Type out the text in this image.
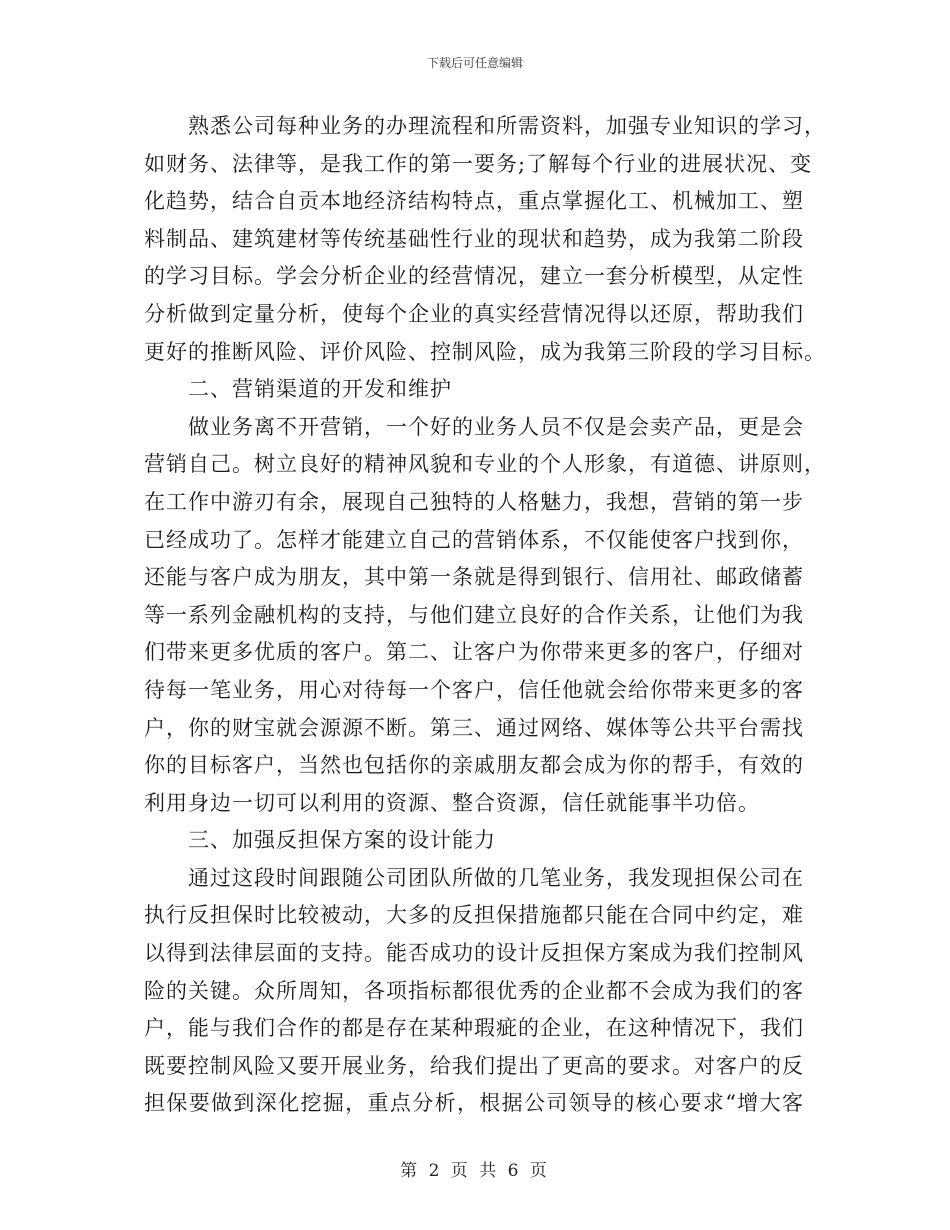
下载后可任意编辑
熟悉公司每种业务的办理流程和所需资料，加强专业知识的学习，
如财务、法律等，是我工作的第一要务;了解每个行业的进展状况、变
化趋势，结合自贡本地经济结构特点，重点掌握化工、机械加工、塑
料制品、建筑建材等传统基础性行业的现状和趋势，成为我第二阶段
的学习目标。学会分析企业的经营情况，建立一套分析模型，从定性
分析做到定量分析，使每个企业的真实经营情况得以还原，帮助我们
更好的推断风险、评价风险、控制风险，成为我第三阶段的学习目标。
二、营销渠道的开发和维护
做业务离不开营销，一个好的业务人员不仅是会卖产品，更是会
营销自己。树立良好的精神风貌和专业的个人形象，有道德、讲原则，
在工作中游刃有余，展现自己独特的人格魅力，我想，营销的第一步
已经成功了。怎样才能建立自己的营销体系，不仅能使客户找到你，
还能与客户成为朋友，其中第一条就是得到银行、信用社、邮政储蓄
等一系列金融机构的支持，与他们建立良好的合作关系，让他们为我
们带来更多优质的客户。第二、让客户为你带来更多的客户，仔细对
待每一笔业务，用心对待每一个客户，信任他就会给你带来更多的客
户，你的财宝就会源源不断。第三、通过网络、媒体等公共平台需找
你的目标客户，当然也包括你的亲戚朋友都会成为你的帮手，有效的
利用身边一切可以利用的资源、整合资源，信任就能事半功倍。
三、加强反担保方案的设计能力
通过这段时间跟随公司团队所做的几笔业务，我发现担保公司在
执行反担保时比较被动，大多的反担保措施都只能在合同中约定，难
以得到法律层面的支持。能否成功的设计反担保方案成为我们控制风
险的关键。众所周知，各项指标都很优秀的企业都不会成为我们的客
户，能与我们合作的都是存在某种瑕疵的企业，在这种情况下，我们
既要控制风险又要开展业务，给我们提出了更高的要求。对客户的反
担保要做到深化挖掘，重点分析，根据公司领导的核心要求“增大客
第 2 页 共 6 页
